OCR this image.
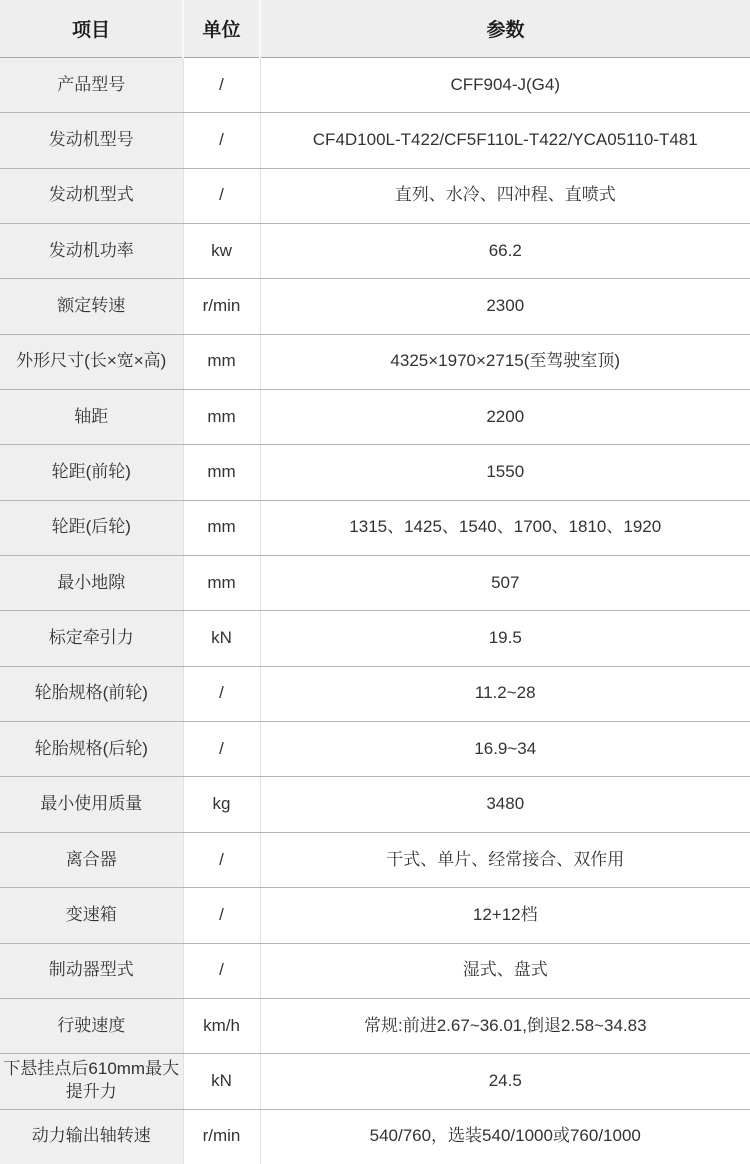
项目	单位	参数
产品型号	/	CFF904-J(G4)
发动机型号	/	CF4D100L-T422/CF5F110L-T422/YCA05110-T481
发动机型式	/	直列、水冷、四冲程、直喷式
发动机功率	kw	66.2
额定转速	r/min	2300
外形尺寸(长×宽×高)	mm	4325×1970×2715(至驾驶室顶)
轴距	mm	2200
轮距(前轮)	mm	1550
轮距(后轮)	mm	1315、1425、1540、1700、1810、1920
最小地隙	mm	507
标定牵引力	kN	19.5
轮胎规格(前轮)	/	11.2~28
轮胎规格(后轮)	/	16.9~34
最小使用质量	kg	3480
离合器	/	干式、单片、经常接合、双作用
变速箱	/	12+12档
制动器型式	/	湿式、盘式
行驶速度	km/h	常规:前进2.67~36.01,倒退2.58~34.83
下悬挂点后610mm最大提升力	kN	24.5
动力输出轴转速	r/min	540/760，选装540/1000或760/1000
